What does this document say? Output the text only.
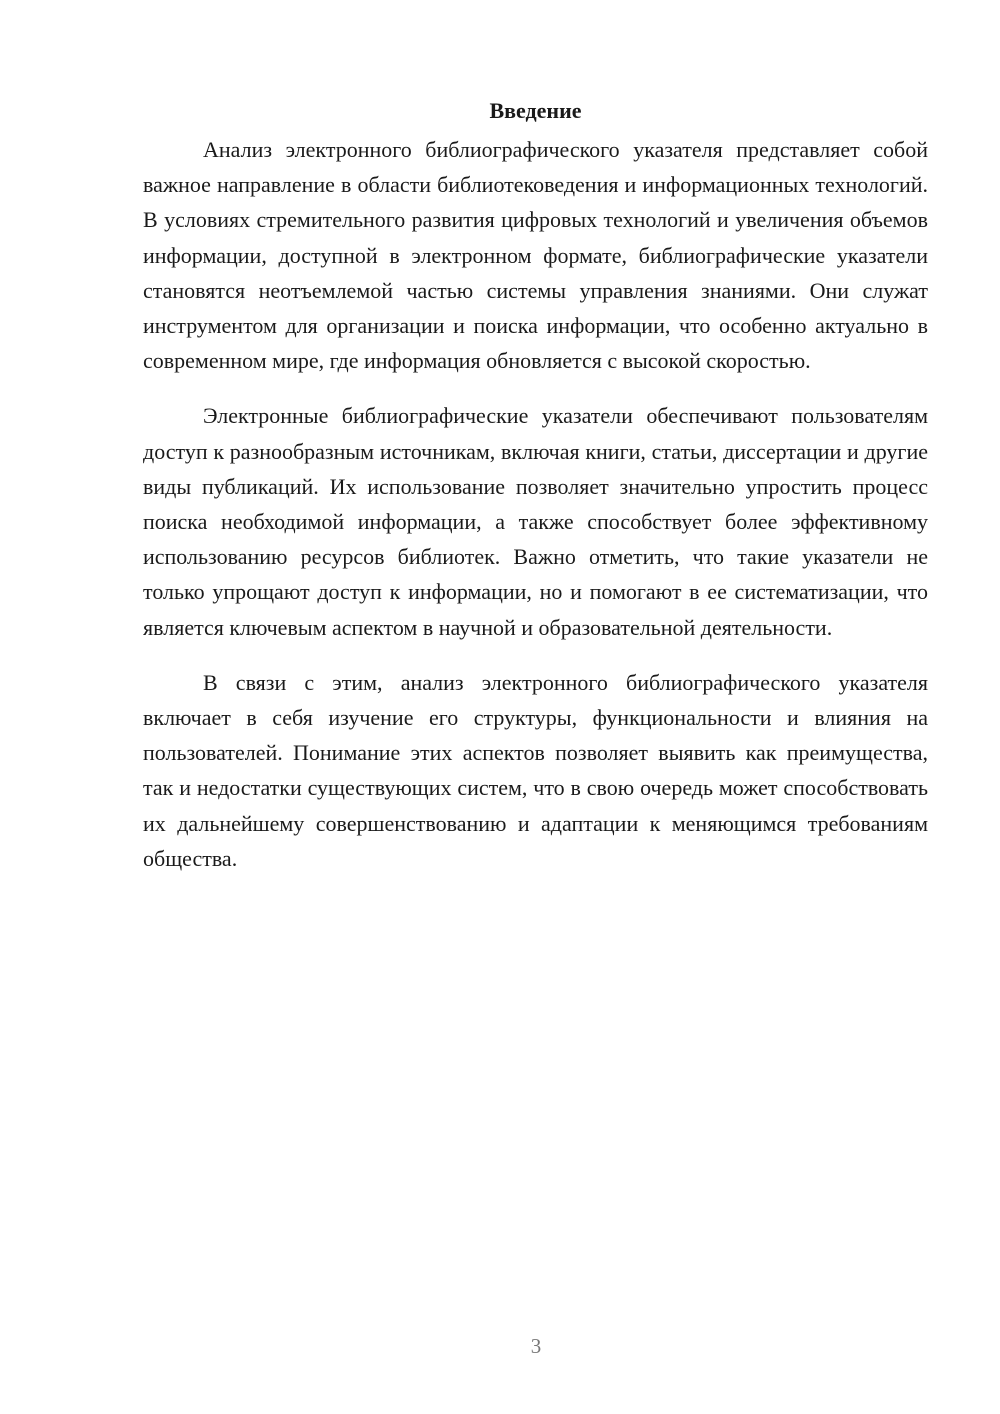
Введение

Анализ электронного библиографического указателя представляет собой важное направление в области библиотековедения и информационных технологий. В условиях стремительного развития цифровых технологий и увеличения объемов информации, доступной в электронном формате, библиографические указатели становятся неотъемлемой частью системы управления знаниями. Они служат инструментом для организации и поиска информации, что особенно актуально в современном мире, где информация обновляется с высокой скоростью.

Электронные библиографические указатели обеспечивают пользователям доступ к разнообразным источникам, включая книги, статьи, диссертации и другие виды публикаций. Их использование позволяет значительно упростить процесс поиска необходимой информации, а также способствует более эффективному использованию ресурсов библиотек. Важно отметить, что такие указатели не только упрощают доступ к информации, но и помогают в ее систематизации, что является ключевым аспектом в научной и образовательной деятельности.

В связи с этим, анализ электронного библиографического указателя включает в себя изучение его структуры, функциональности и влияния на пользователей. Понимание этих аспектов позволяет выявить как преимущества, так и недостатки существующих систем, что в свою очередь может способствовать их дальнейшему совершенствованию и адаптации к меняющимся требованиям общества.

3
